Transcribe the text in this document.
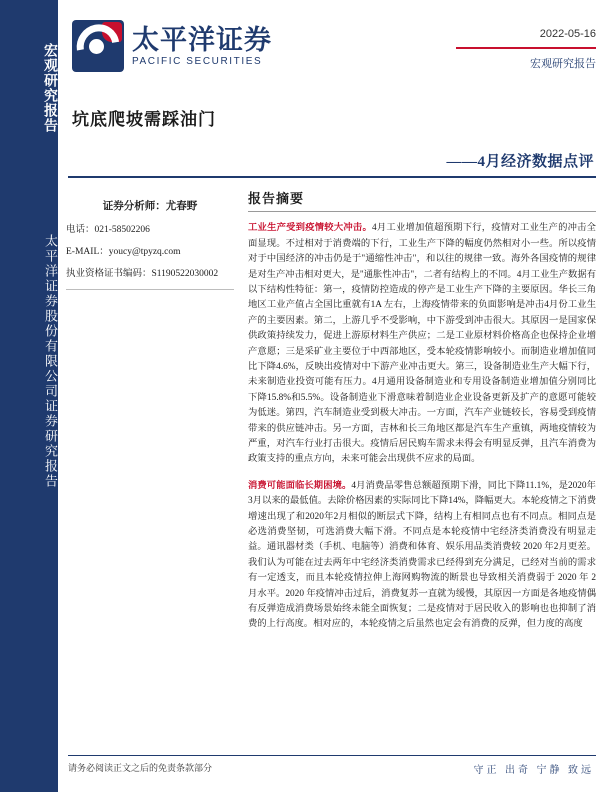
宏观研究报告
太平洋证券股份有限公司证券研究报告
太平洋证券
PACIFIC SECURITIES
2022-05-16
宏观研究报告
坑底爬坡需踩油门
——4月经济数据点评
证券分析师：尤春野
电话：021-58502206
E-MAIL：youcy@tpyzq.com
执业资格证书编码：S1190522030002
报告摘要

工业生产受到疫情较大冲击。4月工业增加值超预期下行，疫情对工业生产的冲击全面显现。不过相对于消费端的下行，工业生产下降的幅度仍然相对小一些。所以疫情对于中国经济的冲击仍是于"通缩性冲击"，和以往的规律一致。海外各国疫情的规律是对生产冲击相对更大，是"通胀性冲击"，二者有结构上的不同。4月工业生产数据有以下结构性特征：第一，疫情防控造成的停产是工业生产下降的主要原因。华长三角地区工业产值占全国比重就有1A 左右，上海疫情带来的负面影响是冲击4月份工业生产的主要因素。第二，上游几乎不受影响，中下游受到冲击很大。其原因一是国家保供政策持续发力，促进上游原材料生产供应；二是工业原材料价格高企也保持企业增产意愿；三是采矿业主要位于中西部地区，受本轮疫情影响较小。而制造业增加值同比下降4.6%，反映出疫情对中下游产业冲击更大。第三，设备制造业生产大幅下行，未来制造业投资可能有压力。4月通用设备制造业和专用设备制造业增加值分别同比下降15.8%和5.5%。设备制造业下滑意味着制造业企业设备更新及扩产的意愿可能较为低迷。第四，汽车制造业受到极大冲击。一方面，汽车产业链较长，容易受到疫情带来的供应链冲击。另一方面，吉林和长三角地区都是汽车生产重镇，两地疫情较为严重，对汽车行业打击很大。疫情后居民购车需求未得会有明显反弹，且汽车消费为政策支持的重点方向，未来可能会出现供不应求的局面。

消费可能面临长期困境。4月消费品零售总额超预期下滑，同比下降11.1%，是2020年3月以来的最低值。去除价格因素的实际同比下降14%，降幅更大。本轮疫情之下消费增速出现了和2020年2月相似的断层式下降，结构上有相同点也有不同点。相同点是必选消费坚韧，可选消费大幅下滑。不同点是本轮疫情中宅经济类消费没有明显走益。通讯器材类（手机、电脑等）消费和体育、娱乐用品类消费较 2020 年2月更差。我们认为可能在过去两年中宅经济类消费需求已经得到充分满足，已经对当前的需求有一定透支，而且本轮疫情拉伸上海网购物流的断景也导致相关消费弱于 2020 年 2 月水平。2020 年疫情冲击过后，消费复苏一直就为缓慢，其原因一方面是各地疫情偶有反弹造成消费场景始终未能全面恢复；二是疫情对于居民收入的影响也也抑制了消费的上行高度。相对应的，本轮疫情之后虽然也定会有消费的反弹，但力度的高度

请务必阅读正文之后的免责条款部分	守正 出奇 宁静 致远
